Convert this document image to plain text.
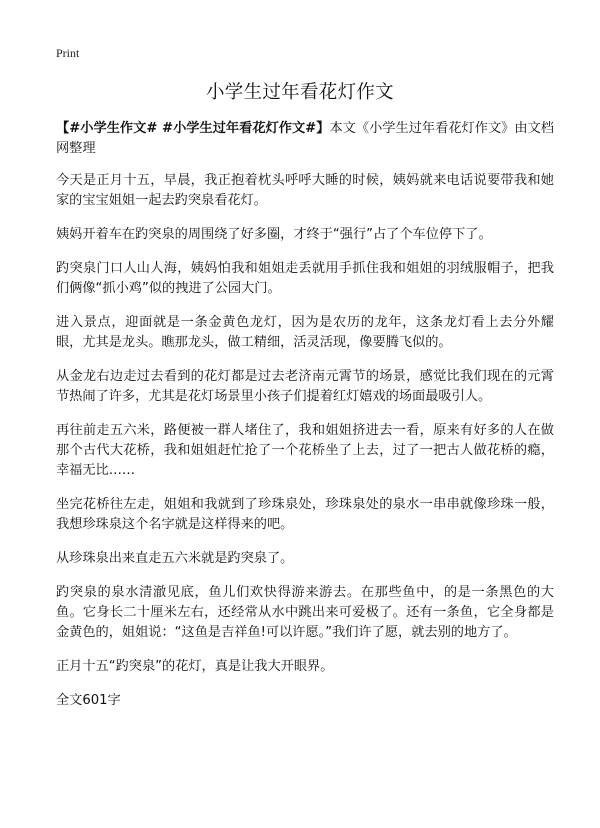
Print
小学生过年看花灯作文

【#小学生作文# #小学生过年看花灯作文#】本文《小学生过年看花灯作文》由文档网整理

今天是正月十五，早晨，我正抱着枕头呼呼大睡的时候，姨妈就来电话说要带我和她家的宝宝姐姐一起去趵突泉看花灯。

姨妈开着车在趵突泉的周围绕了好多圈，才终于“强行”占了个车位停下了。

趵突泉门口人山人海，姨妈怕我和姐姐走丢就用手抓住我和姐姐的羽绒服帽子，把我们俩像“抓小鸡”似的拽进了公园大门。

进入景点，迎面就是一条金黄色龙灯，因为是农历的龙年，这条龙灯看上去分外耀眼，尤其是龙头。瞧那龙头，做工精细，活灵活现，像要腾飞似的。

从金龙右边走过去看到的花灯都是过去老济南元霄节的场景，感觉比我们现在的元霄节热闹了许多，尤其是花灯场景里小孩子们提着红灯嬉戏的场面最吸引人。

再往前走五六米，路便被一群人堵住了，我和姐姐挤进去一看，原来有好多的人在做那个古代大花桥，我和姐姐赶忙抢了一个花桥坐了上去，过了一把古人做花桥的瘾，幸福无比……

坐完花桥往左走，姐姐和我就到了珍珠泉处，珍珠泉处的泉水一串串就像珍珠一般，我想珍珠泉这个名字就是这样得来的吧。

从珍珠泉出来直走五六米就是趵突泉了。

趵突泉的泉水清澈见底，鱼儿们欢快得游来游去。在那些鱼中，的是一条黑色的大鱼。它身长二十厘米左右，还经常从水中跳出来可爱极了。还有一条鱼，它全身都是金黄色的，姐姐说：“这鱼是吉祥鱼!可以许愿。”我们许了愿，就去别的地方了。

正月十五“趵突泉”的花灯，真是让我大开眼界。

全文601字
